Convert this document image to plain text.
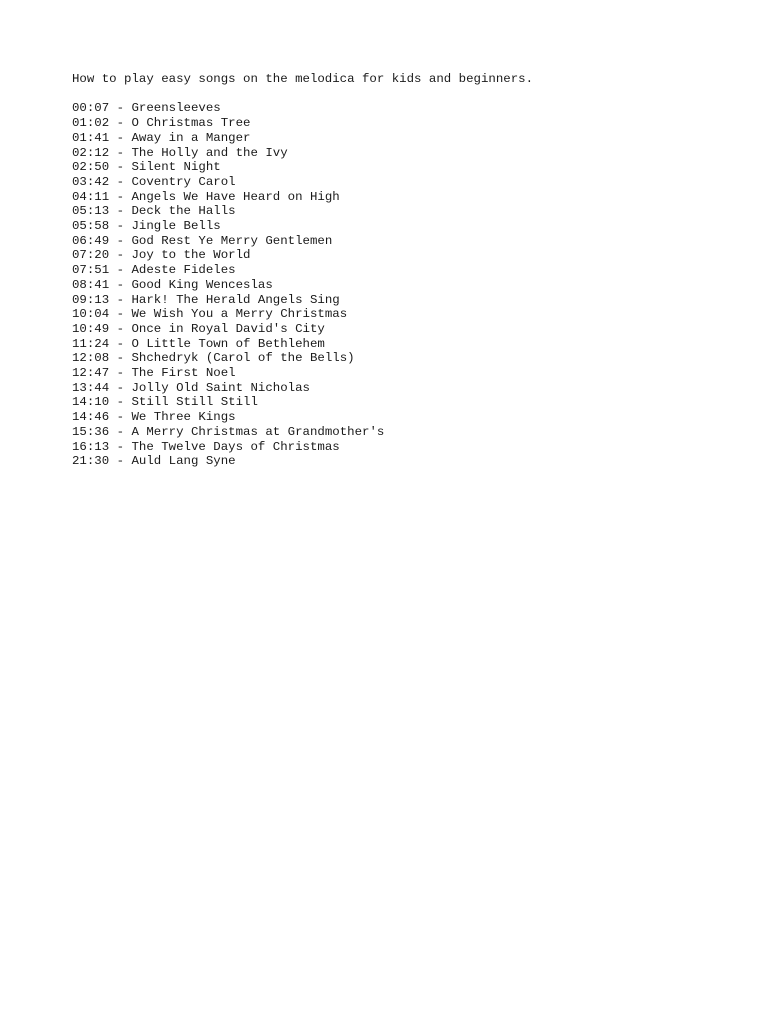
How to play easy songs on the melodica for kids and beginners.

00:07 - Greensleeves
01:02 - O Christmas Tree
01:41 - Away in a Manger
02:12 - The Holly and the Ivy
02:50 - Silent Night
03:42 - Coventry Carol
04:11 - Angels We Have Heard on High
05:13 - Deck the Halls
05:58 - Jingle Bells
06:49 - God Rest Ye Merry Gentlemen
07:20 - Joy to the World
07:51 - Adeste Fideles
08:41 - Good King Wenceslas
09:13 - Hark! The Herald Angels Sing
10:04 - We Wish You a Merry Christmas
10:49 - Once in Royal David's City
11:24 - O Little Town of Bethlehem
12:08 - Shchedryk (Carol of the Bells)
12:47 - The First Noel
13:44 - Jolly Old Saint Nicholas
14:10 - Still Still Still
14:46 - We Three Kings
15:36 - A Merry Christmas at Grandmother's
16:13 - The Twelve Days of Christmas
21:30 - Auld Lang Syne
